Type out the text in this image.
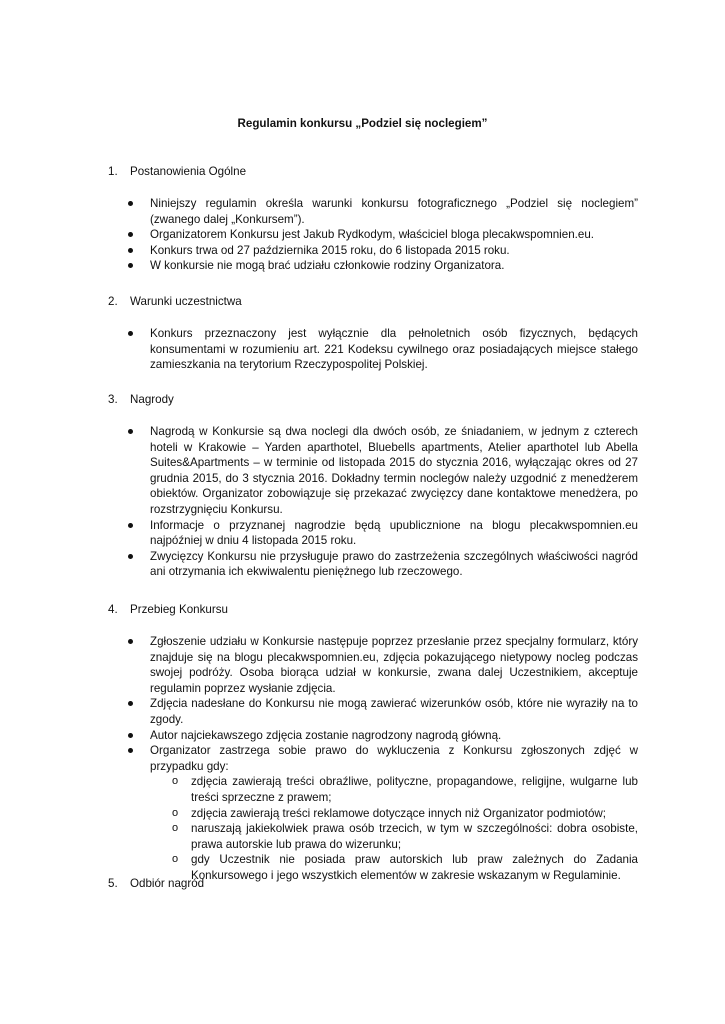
Regulamin konkursu „Podziel się noclegiem”
1.	Postanowienia Ogólne
Niniejszy regulamin określa warunki konkursu fotograficznego „Podziel się noclegiem” (zwanego dalej „Konkursem”).
Organizatorem Konkursu jest Jakub Rydkodym, właściciel bloga plecakwspomnien.eu.
Konkurs trwa od 27 października 2015 roku, do 6 listopada 2015 roku.
W konkursie nie mogą brać udziału członkowie rodziny Organizatora.
2.	Warunki uczestnictwa
Konkurs przeznaczony jest wyłącznie dla pełnoletnich osób fizycznych, będących konsumentami w rozumieniu art. 221 Kodeksu cywilnego oraz posiadających miejsce stałego zamieszkania na terytorium Rzeczypospolitej Polskiej.
3.	Nagrody
Nagrodą w Konkursie są dwa noclegi dla dwóch osób, ze śniadaniem, w jednym z czterech hoteli w Krakowie – Yarden aparthotel, Bluebells apartments, Atelier aparthotel lub Abella Suites&Apartments – w terminie od listopada 2015 do stycznia 2016, wyłączając okres od 27 grudnia 2015, do 3 stycznia 2016. Dokładny termin noclegów należy uzgodnić z menedżerem obiektów. Organizator zobowiązuje się przekazać zwycięzcy dane kontaktowe menedżera, po rozstrzygnięciu Konkursu.
Informacje o przyznanej nagrodzie będą upublicznione na blogu plecakwspomnien.eu najpóźniej w dniu 4 listopada 2015 roku.
Zwycięzcy Konkursu nie przysługuje prawo do zastrzeżenia szczególnych właściwości nagród ani otrzymania ich ekwiwalentu pieniężnego lub rzeczowego.
4.	Przebieg Konkursu
Zgłoszenie udziału w Konkursie następuje poprzez przesłanie przez specjalny formularz, który znajduje się na blogu plecakwspomnien.eu, zdjęcia pokazującego nietypowy nocleg podczas swojej podróży. Osoba biorąca udział w konkursie, zwana dalej Uczestnikiem, akceptuje regulamin poprzez wysłanie zdjęcia.
Zdjęcia nadesłane do Konkursu nie mogą zawierać wizerunków osób, które nie wyraziły na to zgody.
Autor najciekawszego zdjęcia zostanie nagrodzony nagrodą główną.
Organizator zastrzega sobie prawo do wykluczenia z Konkursu zgłoszonych zdjęć w przypadku gdy:
o zdjęcia zawierają treści obraźliwe, polityczne, propagandowe, religijne, wulgarne lub treści sprzeczne z prawem;
o zdjęcia zawierają treści reklamowe dotyczące innych niż Organizator podmiotów;
o naruszają jakiekolwiek prawa osób trzecich, w tym w szczególności: dobra osobiste, prawa autorskie lub prawa do wizerunku;
o gdy Uczestnik nie posiada praw autorskich lub praw zależnych do Zadania Konkursowego i jego wszystkich elementów w zakresie wskazanym w Regulaminie.
5.	Odbiór nagród
